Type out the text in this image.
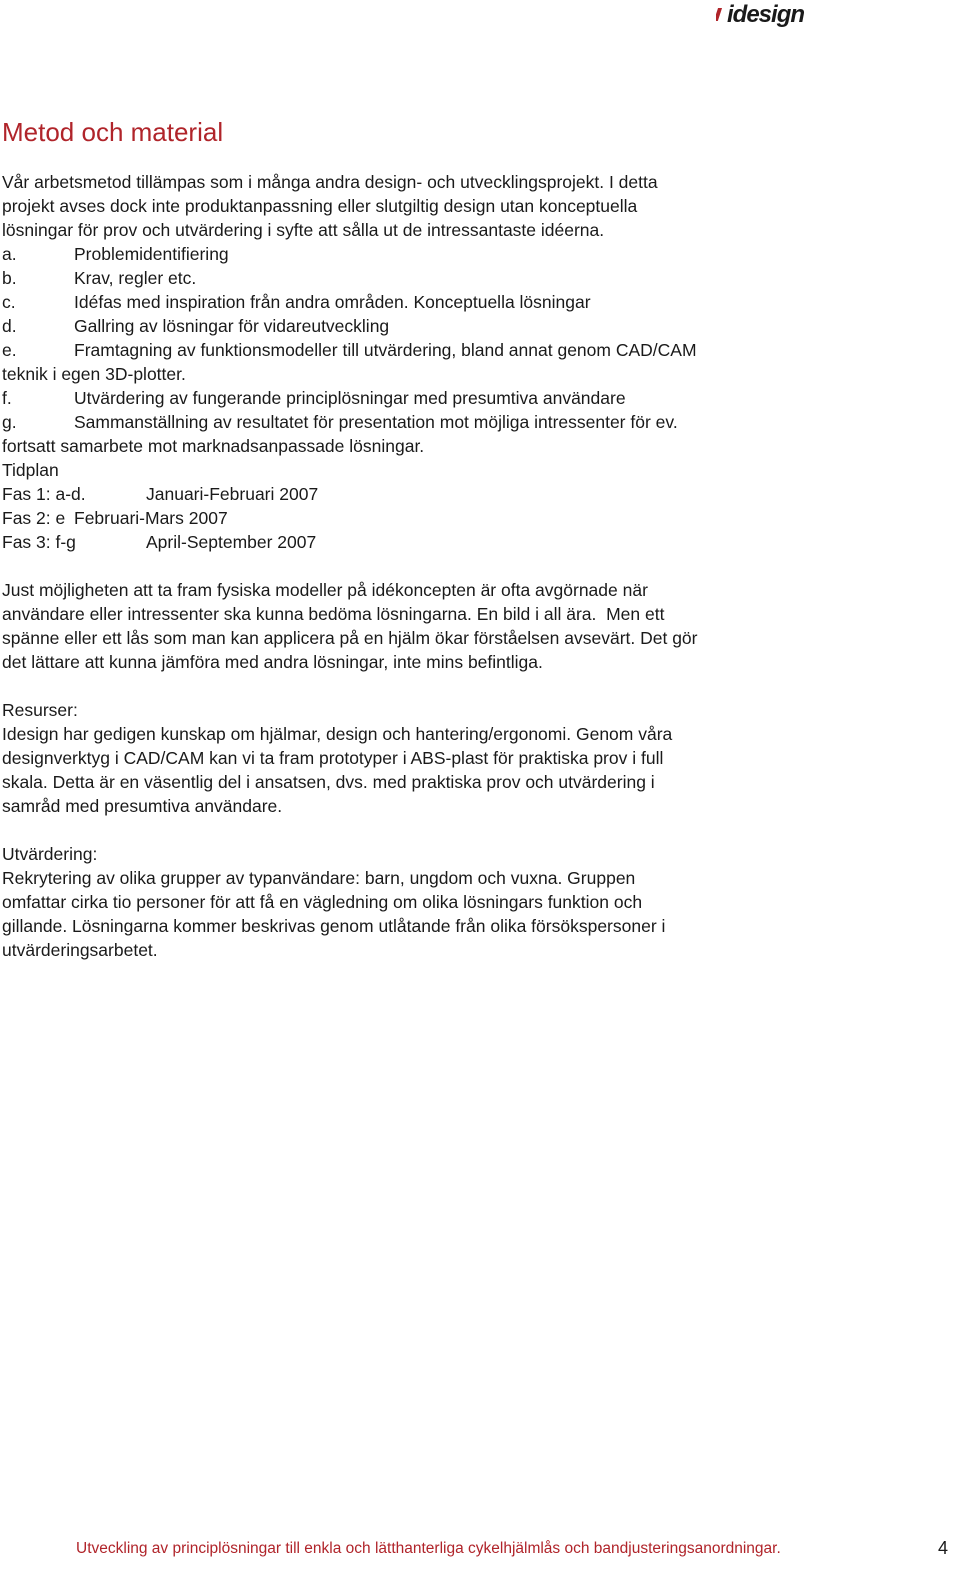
idesign
Metod och material
Vår arbetsmetod tillämpas som i många andra design- och utvecklingsprojekt. I detta
projekt avses dock inte produktanpassning eller slutgiltig design utan konceptuella
lösningar för prov och utvärdering i syfte att sålla ut de intressantaste idéerna.
a.	Problemidentifiering
b.	Krav, regler etc.
c.	Idéfas med inspiration från andra områden. Konceptuella lösningar
d.	Gallring av lösningar för vidareutveckling
e.	Framtagning av funktionsmodeller till utvärdering, bland annat genom CAD/CAM
teknik i egen 3D-plotter.
f.	Utvärdering av fungerande principlösningar med presumtiva användare
g.	Sammanställning av resultatet för presentation mot möjliga intressenter för ev.
fortsatt samarbete mot marknadsanpassade lösningar.
Tidplan
Fas 1: a-d.	Januari-Februari 2007
Fas 2: e Februari-Mars 2007
Fas 3: f-g	April-September 2007
Just möjligheten att ta fram fysiska modeller på idékoncepten är ofta avgörnade när
användare eller intressenter ska kunna bedöma lösningarna. En bild i all ära.  Men ett
spänne eller ett lås som man kan applicera på en hjälm ökar förståelsen avsevärt. Det gör
det lättare att kunna jämföra med andra lösningar, inte mins befintliga.
Resurser:
Idesign har gedigen kunskap om hjälmar, design och hantering/ergonomi. Genom våra
designverktyg i CAD/CAM kan vi ta fram prototyper i ABS-plast för praktiska prov i full
skala. Detta är en väsentlig del i ansatsen, dvs. med praktiska prov och utvärdering i
samråd med presumtiva användare.
Utvärdering:
Rekrytering av olika grupper av typanvändare: barn, ungdom och vuxna. Gruppen
omfattar cirka tio personer för att få en vägledning om olika lösningars funktion och
gillande. Lösningarna kommer beskrivas genom utlåtande från olika försökspersoner i
utvärderingsarbetet.
Utveckling av principlösningar till enkla och lätthanterliga cykelhjälmlås och bandjusteringsanordningar.	4
